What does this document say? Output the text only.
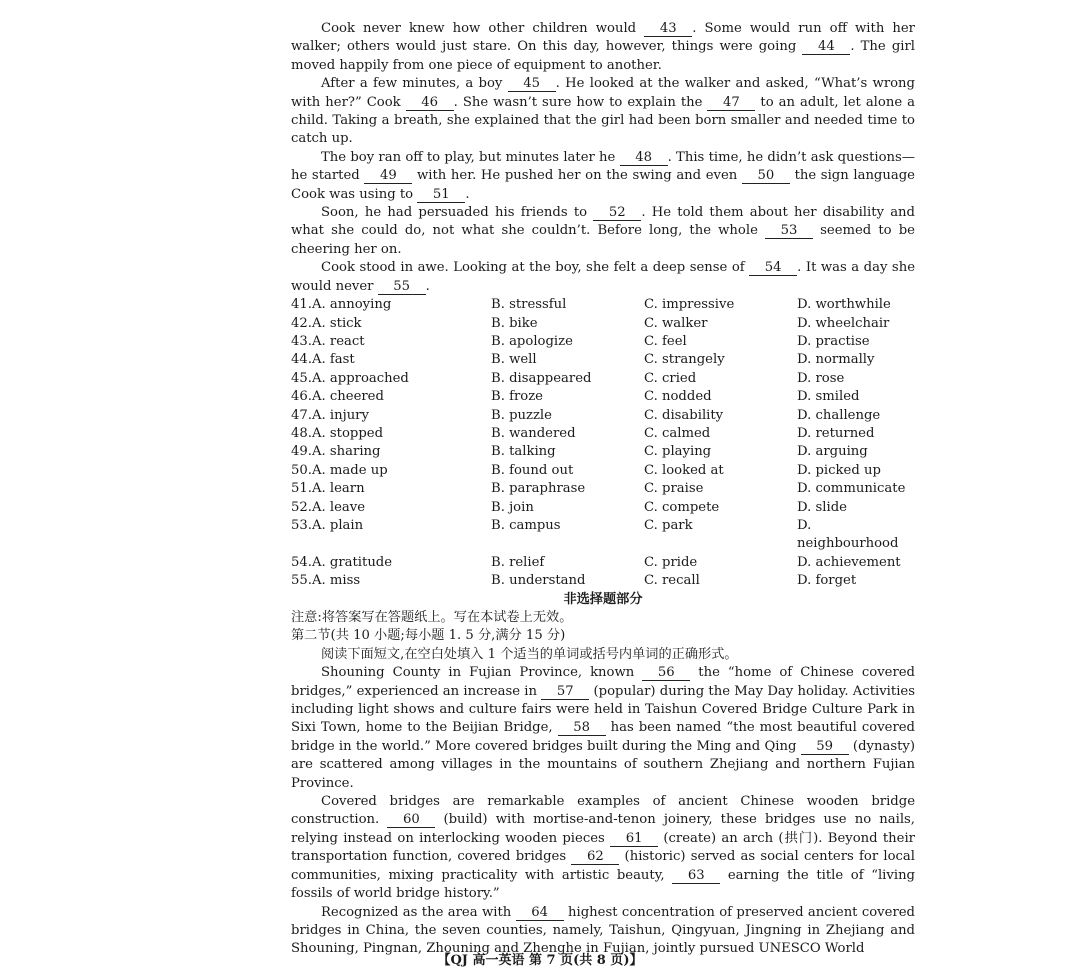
Cook never knew how other children would 43 . Some would run off with her walker; others would just stare. On this day, however, things were going 44 . The girl moved happily from one piece of equipment to another.

After a few minutes, a boy 45 . He looked at the walker and asked, “What’s wrong with her?” Cook 46 . She wasn’t sure how to explain the 47 to an adult, let alone a child. Taking a breath, she explained that the girl had been born smaller and needed time to catch up.

The boy ran off to play, but minutes later he 48 . This time, he didn’t ask questions—he started 49 with her. He pushed her on the swing and even 50 the sign language Cook was using to 51 .

Soon, he had persuaded his friends to 52 . He told them about her disability and what she could do, not what she couldn’t. Before long, the whole 53 seemed to be cheering her on.

Cook stood in awe. Looking at the boy, she felt a deep sense of 54 . It was a day she would never 55 .

41.A. annoying	B. stressful	C. impressive	D. worthwhile
42.A. stick	B. bike	C. walker	D. wheelchair
43.A. react	B. apologize	C. feel	D. practise
44.A. fast	B. well	C. strangely	D. normally
45.A. approached	B. disappeared	C. cried	D. rose
46.A. cheered	B. froze	C. nodded	D. smiled
47.A. injury	B. puzzle	C. disability	D. challenge
48.A. stopped	B. wandered	C. calmed	D. returned
49.A. sharing	B. talking	C. playing	D. arguing
50.A. made up	B. found out	C. looked at	D. picked up
51.A. learn	B. paraphrase	C. praise	D. communicate
52.A. leave	B. join	C. compete	D. slide
53.A. plain	B. campus	C. park	D. neighbourhood
54.A. gratitude	B. relief	C. pride	D. achievement
55.A. miss	B. understand	C. recall	D. forget
非选择题部分

注意:将答案写在答题纸上。写在本试卷上无效。

第二节(共 10 小题;每小题 1. 5 分,满分 15 分)

阅读下面短文,在空白处填入 1 个适当的单词或括号内单词的正确形式。

Shouning County in Fujian Province, known 56 the “home of Chinese covered bridges,” experienced an increase in 57 (popular) during the May Day holiday. Activities including light shows and culture fairs were held in Taishun Covered Bridge Culture Park in Sixi Town, home to the Beijian Bridge, 58 has been named “the most beautiful covered bridge in the world.” More covered bridges built during the Ming and Qing 59 (dynasty) are scattered among villages in the mountains of southern Zhejiang and northern Fujian Province.

Covered bridges are remarkable examples of ancient Chinese wooden bridge construction. 60 (build) with mortise-and-tenon joinery, these bridges use no nails, relying instead on interlocking wooden pieces 61 (create) an arch (拱门). Beyond their transportation function, covered bridges 62 (historic) served as social centers for local communities, mixing practicality with artistic beauty, 63 earning the title of “living fossils of world bridge history.”

Recognized as the area with 64 highest concentration of preserved ancient covered bridges in China, the seven counties, namely, Taishun, Qingyuan, Jingning in Zhejiang and Shouning, Pingnan, Zhouning and Zhenghe in Fujian, jointly pursued UNESCO World

【QJ 高一英语 第 7 页(共 8 页)】
